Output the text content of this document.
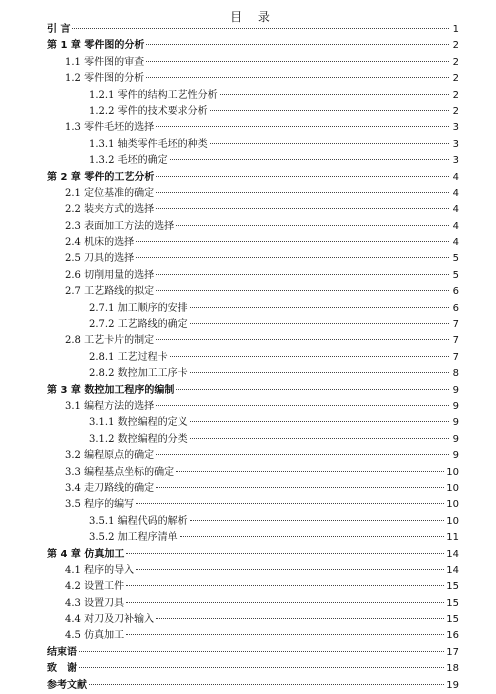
目 录
引 言	1
第 1 章 零件图的分析	2
1.1 零件图的审查	2
1.2 零件图的分析	2
1.2.1 零件的结构工艺性分析	2
1.2.2 零件的技术要求分析	2
1.3 零件毛坯的选择	3
1.3.1 轴类零件毛坯的种类	3
1.3.2 毛坯的确定	3
第 2 章 零件的工艺分析	4
2.1 定位基准的确定	4
2.2 装夹方式的选择	4
2.3 表面加工方法的选择	4
2.4 机床的选择	4
2.5 刀具的选择	5
2.6 切削用量的选择	5
2.7 工艺路线的拟定	6
2.7.1 加工顺序的安排	6
2.7.2 工艺路线的确定	7
2.8 工艺卡片的制定	7
2.8.1 工艺过程卡	7
2.8.2 数控加工工序卡	8
第 3 章 数控加工程序的编制	9
3.1 编程方法的选择	9
3.1.1 数控编程的定义	9
3.1.2 数控编程的分类	9
3.2 编程原点的确定	9
3.3 编程基点坐标的确定	10
3.4 走刀路线的确定	10
3.5 程序的编写	10
3.5.1 编程代码的解析	10
3.5.2 加工程序清单	11
第 4 章 仿真加工	14
4.1 程序的导入	14
4.2 设置工件	15
4.3 设置刀具	15
4.4 对刀及刀补输入	15
4.5 仿真加工	16
结束语	17
致　谢	18
参考文献	19
